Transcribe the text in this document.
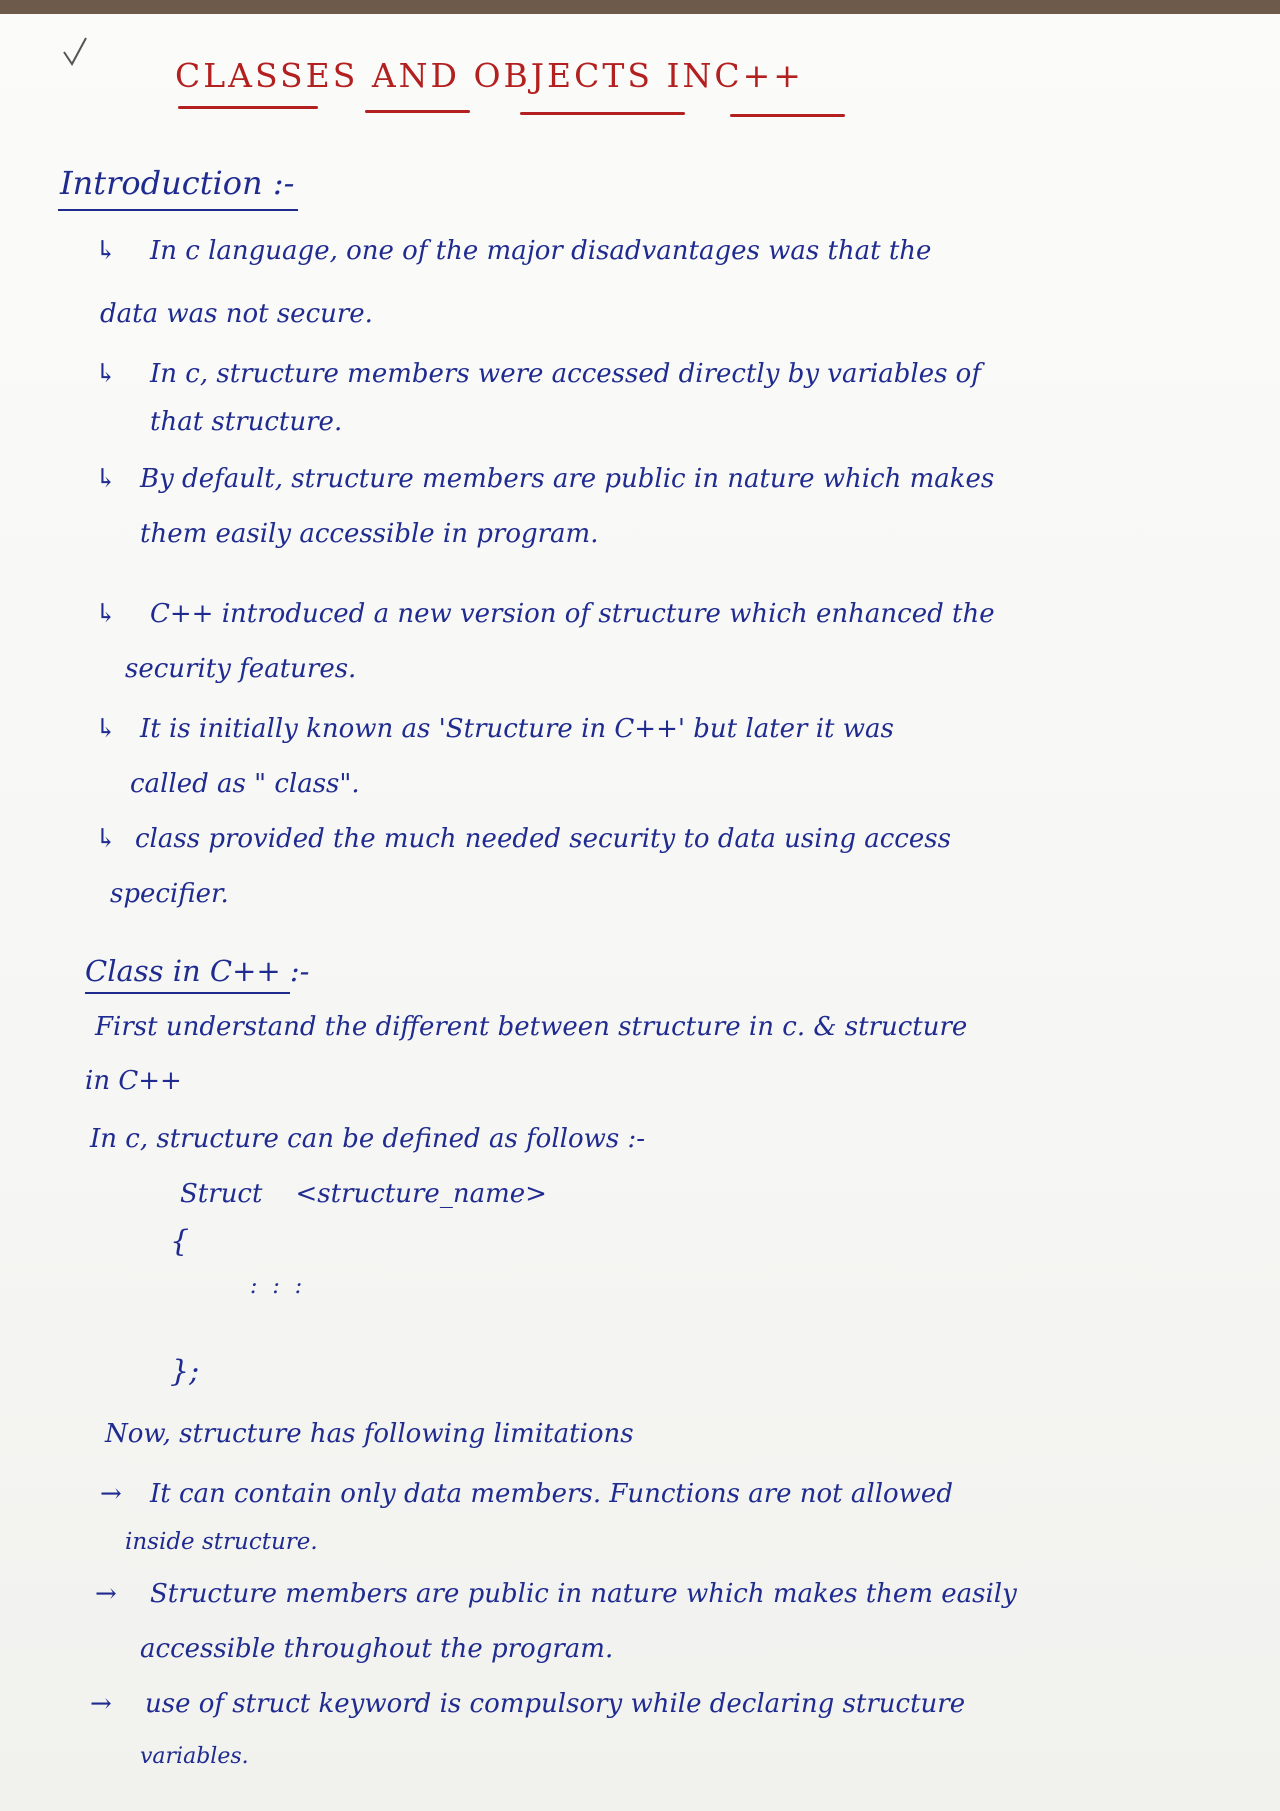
CLASSES AND OBJECTS INC++
Introduction :-
↳ In c language, one of the major disadvantages was that the
data was not secure.
↳ In c, structure members were accessed directly by variables of
that structure.
↳ By default, structure members are public in nature which makes
them easily accessible in program.
↳ C++ introduced a new version of structure which enhanced the
security features.
↳ It is initially known as 'Structure in C++' but later it was
called as " class".
↳ class provided the much needed security to data using access
specifier.
Class in C++ :-
First understand the different between structure in c. & structure
in C++
In c, structure can be defined as follows :-
Struct    <structure_name>
{
: : :
};
Now, structure has following limitations
→ It can contain only data members. Functions are not allowed
inside structure.
→ Structure members are public in nature which makes them easily
accessible throughout the program.
→ use of struct keyword is compulsory while declaring structure
variables.
